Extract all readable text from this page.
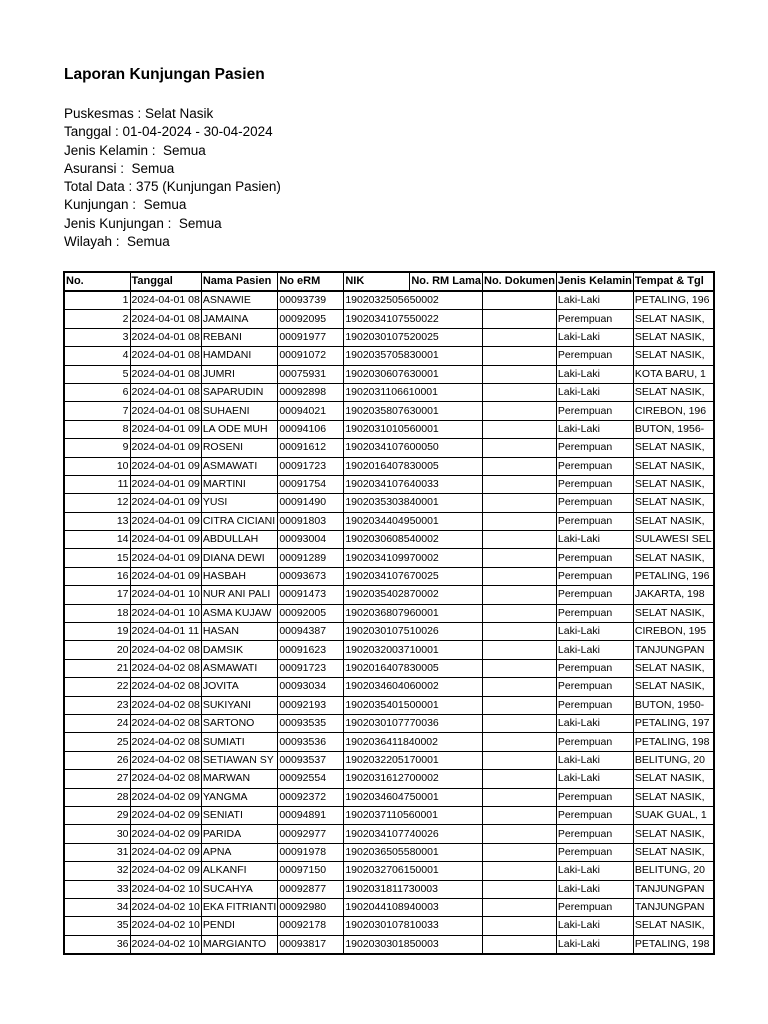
Laporan Kunjungan Pasien
Puskesmas : Selat Nasik
Tanggal : 01-04-2024 - 30-04-2024
Jenis Kelamin :  Semua
Asuransi :  Semua
Total Data : 375 (Kunjungan Pasien)
Kunjungan :  Semua
Jenis Kunjungan :  Semua
Wilayah :  Semua
No.	Tanggal	Nama Pasien	No eRM	NIK	No. RM Lama	No. Dokumen	Jenis Kelamin	Tempat & Tgl
1	2024-04-01 08	ASNAWIE	00093739	1902032505650002			Laki-Laki	PETALING, 196
2	2024-04-01 08	JAMAINA	00092095	1902034107550022			Perempuan	SELAT NASIK,
3	2024-04-01 08	REBANI	00091977	1902030107520025			Laki-Laki	SELAT NASIK,
4	2024-04-01 08	HAMDANI	00091072	1902035705830001			Perempuan	SELAT NASIK,
5	2024-04-01 08	JUMRI	00075931	1902030607630001			Laki-Laki	KOTA BARU, 1
6	2024-04-01 08	SAPARUDIN	00092898	1902031106610001			Laki-Laki	SELAT NASIK,
7	2024-04-01 08	SUHAENI	00094021	1902035807630001			Perempuan	CIREBON, 196
8	2024-04-01 09	LA ODE MUH	00094106	1902031010560001			Laki-Laki	BUTON, 1956-
9	2024-04-01 09	ROSENI	00091612	1902034107600050			Perempuan	SELAT NASIK,
10	2024-04-01 09	ASMAWATI	00091723	1902016407830005			Perempuan	SELAT NASIK,
11	2024-04-01 09	MARTINI	00091754	1902034107640033			Perempuan	SELAT NASIK,
12	2024-04-01 09	YUSI	00091490	1902035303840001			Perempuan	SELAT NASIK,
13	2024-04-01 09	CITRA CICIANI	00091803	1902034404950001			Perempuan	SELAT NASIK,
14	2024-04-01 09	ABDULLAH	00093004	1902030608540002			Laki-Laki	SULAWESI SEL
15	2024-04-01 09	DIANA DEWI	00091289	1902034109970002			Perempuan	SELAT NASIK,
16	2024-04-01 09	HASBAH	00093673	1902034107670025			Perempuan	PETALING, 196
17	2024-04-01 10	NUR ANI PALI	00091473	1902035402870002			Perempuan	JAKARTA, 198
18	2024-04-01 10	ASMA KUJAW	00092005	1902036807960001			Perempuan	SELAT NASIK,
19	2024-04-01 11	HASAN	00094387	1902030107510026			Laki-Laki	CIREBON, 195
20	2024-04-02 08	DAMSIK	00091623	1902032003710001			Laki-Laki	TANJUNGPAN
21	2024-04-02 08	ASMAWATI	00091723	1902016407830005			Perempuan	SELAT NASIK,
22	2024-04-02 08	JOVITA	00093034	1902034604060002			Perempuan	SELAT NASIK,
23	2024-04-02 08	SUKIYANI	00092193	1902035401500001			Perempuan	BUTON, 1950-
24	2024-04-02 08	SARTONO	00093535	1902030107770036			Laki-Laki	PETALING, 197
25	2024-04-02 08	SUMIATI	00093536	1902036411840002			Perempuan	PETALING, 198
26	2024-04-02 08	SETIAWAN SY	00093537	1902032205170001			Laki-Laki	BELITUNG, 20
27	2024-04-02 08	MARWAN	00092554	1902031612700002			Laki-Laki	SELAT NASIK,
28	2024-04-02 09	YANGMA	00092372	1902034604750001			Perempuan	SELAT NASIK,
29	2024-04-02 09	SENIATI	00094891	1902037110560001			Perempuan	SUAK GUAL, 1
30	2024-04-02 09	PARIDA	00092977	1902034107740026			Perempuan	SELAT NASIK,
31	2024-04-02 09	APNA	00091978	1902036505580001			Perempuan	SELAT NASIK,
32	2024-04-02 09	ALKANFI	00097150	1902032706150001			Laki-Laki	BELITUNG, 20
33	2024-04-02 10	SUCAHYA	00092877	1902031811730003			Laki-Laki	TANJUNGPAN
34	2024-04-02 10	EKA FITRIANTI	00092980	1902044108940003			Perempuan	TANJUNGPAN
35	2024-04-02 10	PENDI	00092178	1902030107810033			Laki-Laki	SELAT NASIK,
36	2024-04-02 10	MARGIANTO	00093817	1902030301850003			Laki-Laki	PETALING, 198
